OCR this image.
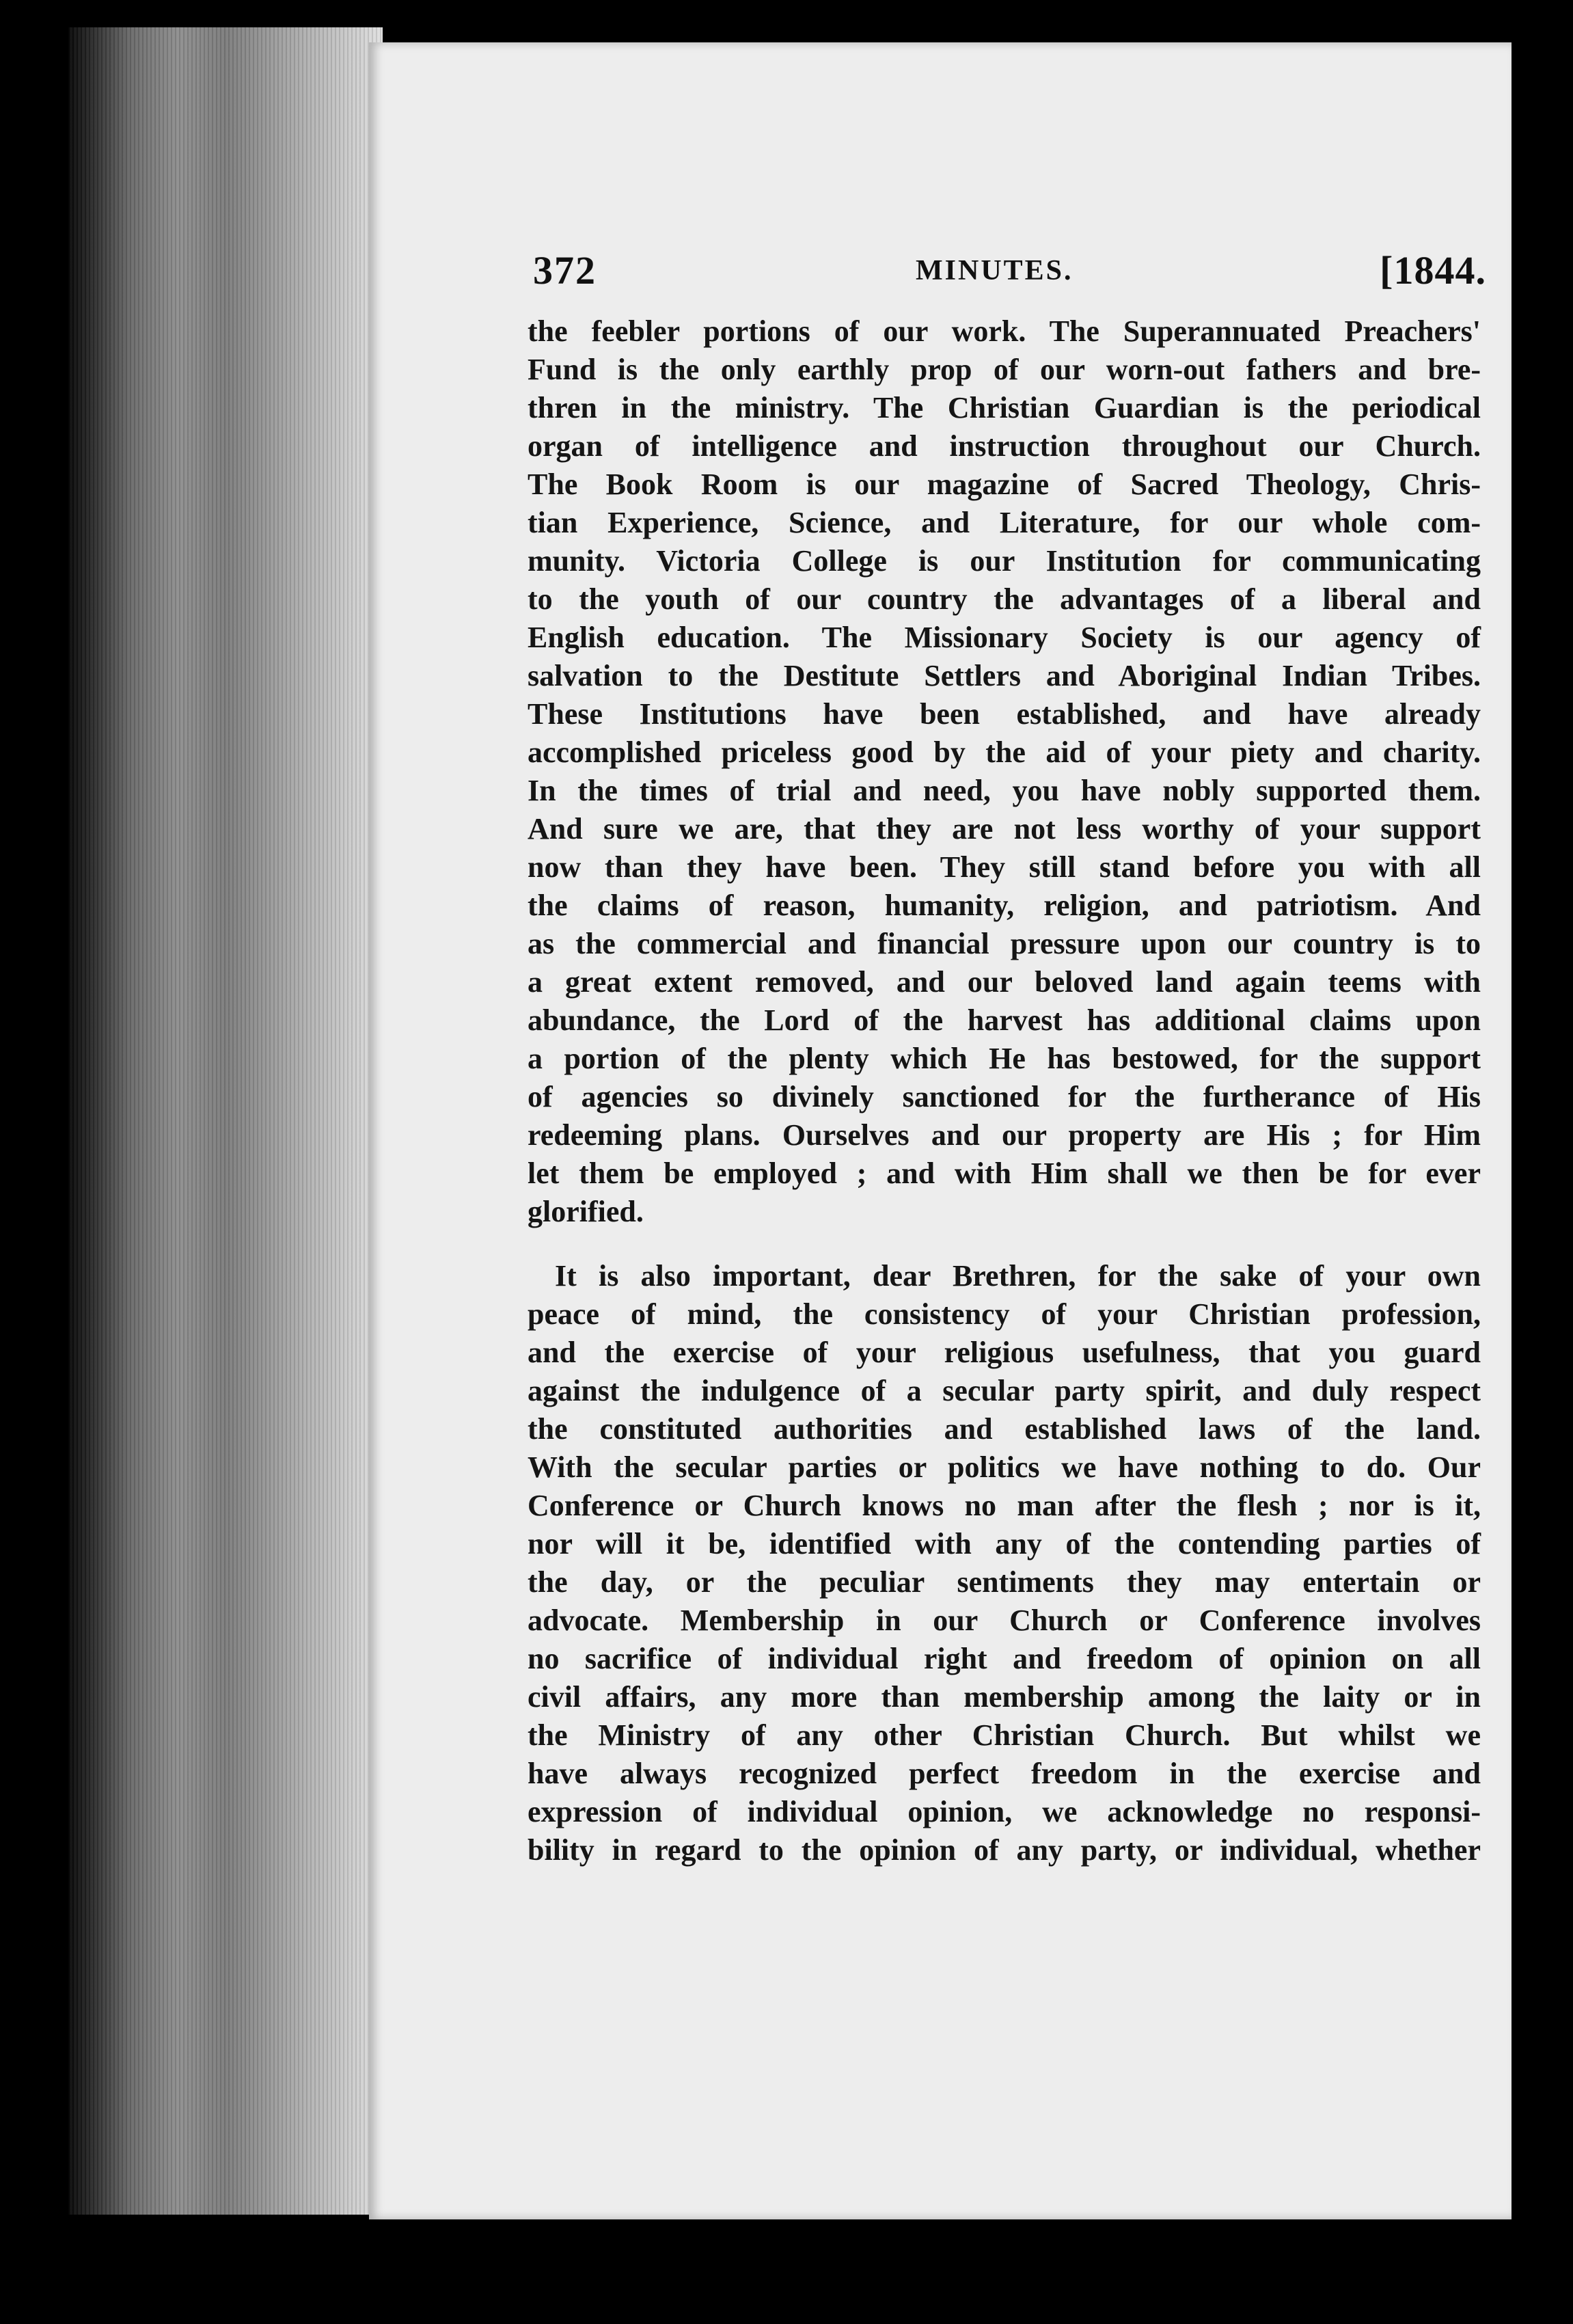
372	MINUTES.	[1844.

the feebler portions of our work. The Superannuated Preachers'
Fund is the only earthly prop of our worn-out fathers and bre-
thren in the ministry. The Christian Guardian is the periodical
organ of intelligence and instruction throughout our Church.
The Book Room is our magazine of Sacred Theology, Chris-
tian Experience, Science, and Literature, for our whole com-
munity. Victoria College is our Institution for communicating
to the youth of our country the advantages of a liberal and
English education. The Missionary Society is our agency of
salvation to the Destitute Settlers and Aboriginal Indian Tribes.
These Institutions have been established, and have already
accomplished priceless good by the aid of your piety and charity.
In the times of trial and need, you have nobly supported them.
And sure we are, that they are not less worthy of your support
now than they have been. They still stand before you with all
the claims of reason, humanity, religion, and patriotism. And
as the commercial and financial pressure upon our country is to
a great extent removed, and our beloved land again teems with
abundance, the Lord of the harvest has additional claims upon
a portion of the plenty which He has bestowed, for the support
of agencies so divinely sanctioned for the furtherance of His
redeeming plans. Ourselves and our property are His ; for Him
let them be employed ; and with Him shall we then be for ever
glorified.

It is also important, dear Brethren, for the sake of your own
peace of mind, the consistency of your Christian profession,
and the exercise of your religious usefulness, that you guard
against the indulgence of a secular party spirit, and duly respect
the constituted authorities and established laws of the land.
With the secular parties or politics we have nothing to do. Our
Conference or Church knows no man after the flesh ; nor is it,
nor will it be, identified with any of the contending parties of
the day, or the peculiar sentiments they may entertain or
advocate. Membership in our Church or Conference involves
no sacrifice of individual right and freedom of opinion on all
civil affairs, any more than membership among the laity or in
the Ministry of any other Christian Church. But whilst we
have always recognized perfect freedom in the exercise and
expression of individual opinion, we acknowledge no responsi-
bility in regard to the opinion of any party, or individual, whether
